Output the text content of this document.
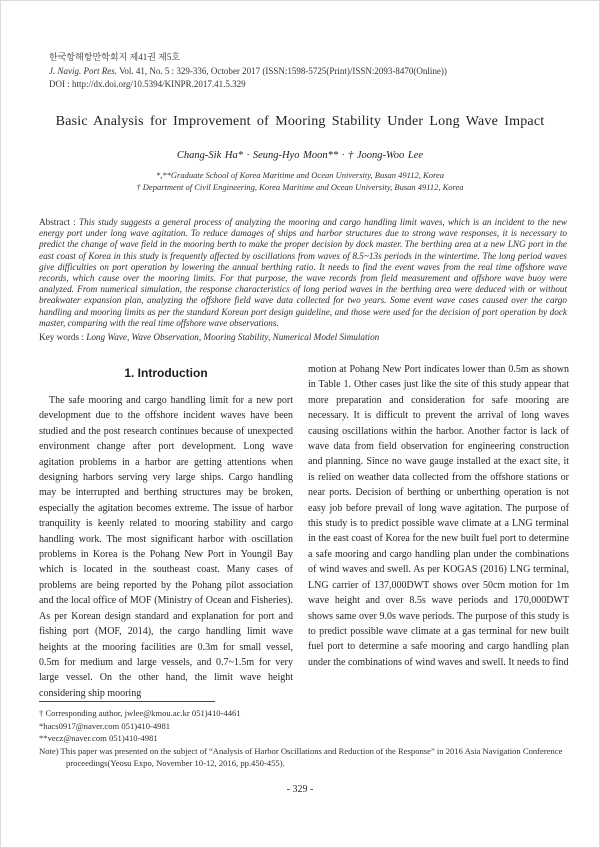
한국항해항만학회지 제41권 제5호
J. Navig. Port Res. Vol. 41, No. 5 : 329-336, October 2017 (ISSN:1598-5725(Print)/ISSN:2093-8470(Online))
DOI : http://dx.doi.org/10.5394/KINPR.2017.41.5.329
Basic Analysis for Improvement of Mooring Stability Under Long Wave Impact
Chang-Sik Ha* · Seung-Hyo Moon** · † Joong-Woo Lee
*,**Graduate School of Korea Maritime and Ocean University, Busan 49112, Korea
† Department of Civil Engineering, Korea Maritime and Ocean University, Busan 49112, Korea

Abstract : This study suggests a general process of analyzing the mooring and cargo handling limit waves, which is an incident to the new energy port under long wave agitation. To reduce damages of ships and harbor structures due to strong wave responses, it is necessary to predict the change of wave field in the mooring berth to make the proper decision by dock master. The berthing area at a new LNG port in the east coast of Korea in this study is frequently affected by oscillations from waves of 8.5~13s periods in the wintertime. The long period waves give difficulties on port operation by lowering the annual berthing ratio. It needs to find the event waves from the real time offshore wave records, which cause over the mooring limits. For that purpose, the wave records from field measurement and offshore wave buoy were analyzed. From numerical simulation, the response characteristics of long period waves in the berthing area were deduced with or without breakwater expansion plan, analyzing the offshore field wave data collected for two years. Some event wave cases caused over the cargo handling and mooring limits as per the standard Korean port design guideline, and those were used for the decision of port operation by dock master, comparing with the real time offshore wave observations.

Key words : Long Wave, Wave Observation, Mooring Stability, Numerical Model Simulation

1. Introduction

The safe mooring and cargo handling limit for a new port development due to the offshore incident waves have been studied and the post research continues because of unexpected environment change after port development. Long wave agitation problems in a harbor are getting attentions when designing harbors serving very large ships. Cargo handling may be interrupted and berthing structures may be broken, especially the agitation becomes extreme. The issue of harbor tranquility is keenly related to mooring stability and cargo handling work. The most significant harbor with oscillation problems in Korea is the Pohang New Port in Youngil Bay which is located in the southeast coast. Many cases of problems are being reported by the Pohang pilot association and the local office of MOF (Ministry of Ocean and Fisheries). As per Korean design standard and explanation for port and fishing port (MOF, 2014), the cargo handling limit wave heights at the mooring facilities are 0.3m for small vessel, 0.5m for medium and large vessels, and 0.7~1.5m for very large vessel. On the other hand, the limit wave height considering ship mooring

motion at Pohang New Port indicates lower than 0.5m as shown in Table 1. Other cases just like the site of this study appear that more preparation and consideration for safe mooring are necessary. It is difficult to prevent the arrival of long waves causing oscillations within the harbor. Another factor is lack of wave data from field observation for engineering construction and planning. Since no wave gauge installed at the exact site, it is relied on weather data collected from the offshore stations or near ports. Decision of berthing or unberthing operation is not easy job before prevail of long wave agitation. The purpose of this study is to predict possible wave climate at a LNG terminal in the east coast of Korea for the new built fuel port to determine a safe mooring and cargo handling plan under the combinations of wind waves and swell. As per KOGAS (2016) LNG terminal, LNG carrier of 137,000DWT shows over 50cm motion for 1m wave height and over 8.5s wave periods and 170,000DWT shows same over 9.0s wave periods. The purpose of this study is to predict possible wave climate at a gas terminal for new built fuel port to determine a safe mooring and cargo handling plan under the combinations of wind waves and swell. It needs to find

† Corresponding author, jwlee@kmou.ac.kr 051)410-4461
*hacs0917@naver.com 051)410-4981
**vecz@naver.com 051)410-4981
Note) This paper was presented on the subject of “Analysis of Harbor Oscillations and Reduction of the Response” in 2016 Asia Navigation Conference proceedings(Yeosu Expo, November 10-12, 2016, pp.450-455).
- 329 -
